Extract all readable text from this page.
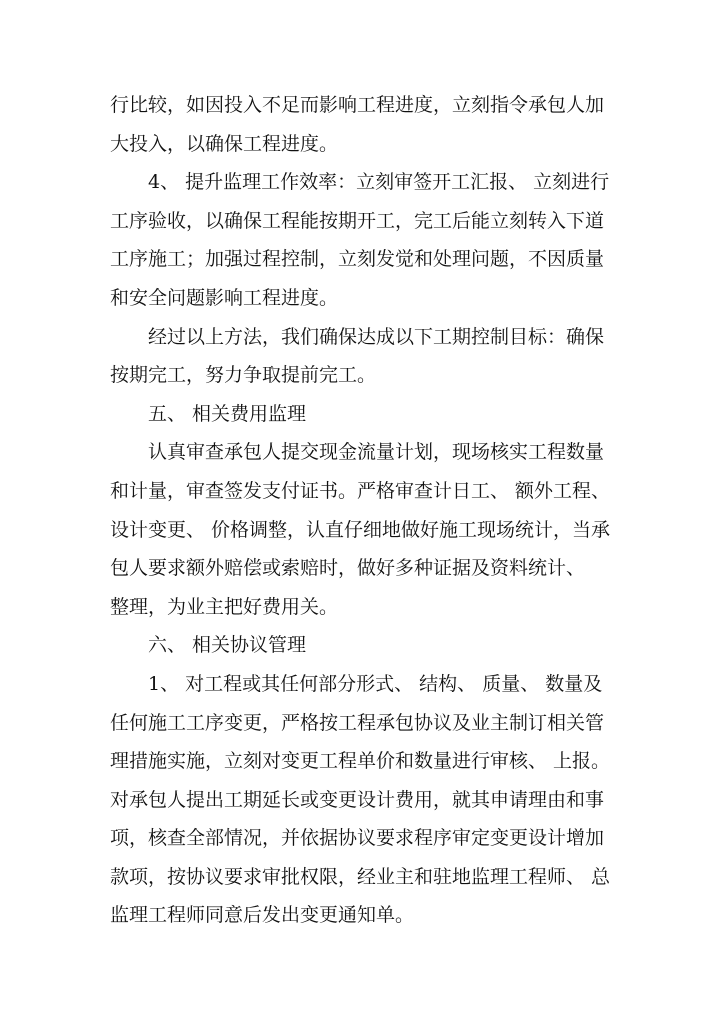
行比较，如因投入不足而影响工程进度，立刻指令承包人加
大投入，以确保工程进度。
　　4、 提升监理工作效率：立刻审签开工汇报、 立刻进行
工序验收，以确保工程能按期开工，完工后能立刻转入下道
工序施工；加强过程控制，立刻发觉和处理问题，不因质量
和安全问题影响工程进度。
　　经过以上方法，我们确保达成以下工期控制目标：确保
按期完工，努力争取提前完工。
　　五、 相关费用监理
　　认真审查承包人提交现金流量计划，现场核实工程数量
和计量，审查签发支付证书。严格审查计日工、 额外工程、
设计变更、 价格调整，认直仔细地做好施工现场统计，当承
包人要求额外赔偿或索赔时，做好多种证据及资料统计、
整理，为业主把好费用关。
　　六、 相关协议管理
　　1、 对工程或其任何部分形式、 结构、 质量、 数量及
任何施工工序变更，严格按工程承包协议及业主制订相关管
理措施实施，立刻对变更工程单价和数量进行审核、 上报。
对承包人提出工期延长或变更设计费用，就其申请理由和事
项，核查全部情况，并依据协议要求程序审定变更设计增加
款项，按协议要求审批权限，经业主和驻地监理工程师、 总
监理工程师同意后发出变更通知单。
